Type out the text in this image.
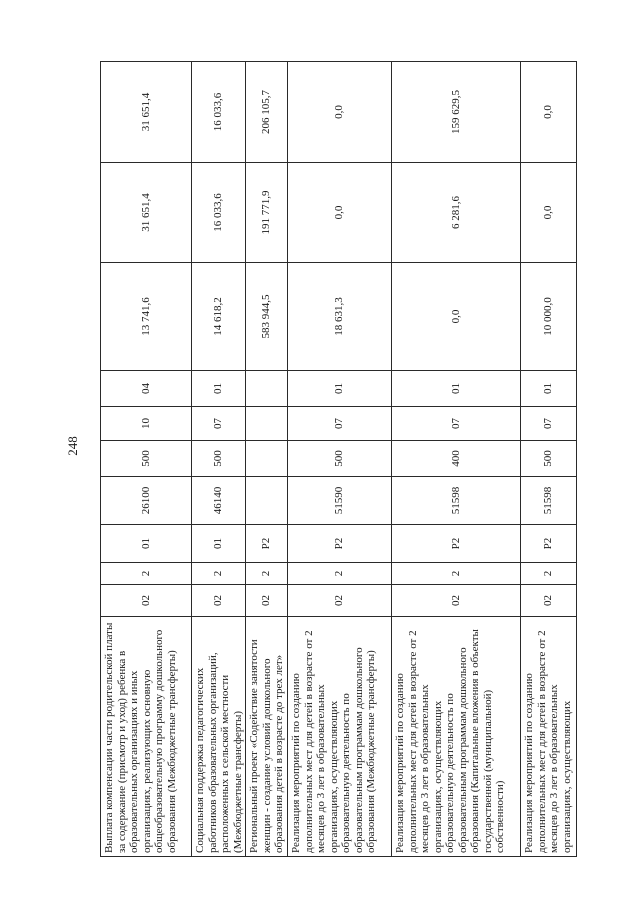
248
Выплата компенсации части родительской платы за содержание (присмотр и уход) ребенка в образовательных организациях и иных организациях, реализующих основную общеобразовательную программу дошкольного образования (Межбюджетные трансферты)	02	2	01	26100	500	10	04	13 741,6	31 651,4	31 651,4
Социальная поддержка педагогических работников образовательных организаций, расположенных в сельской местности (Межбюджетные трансферты)	02	2	01	46140	500	07	01	14 618,2	16 033,6	16 033,6
Региональный проект «Содействие занятости женщин - создание условий дошкольного образования детей в возрасте до трех лет»	02	2	P2					583 944,5	191 771,9	206 105,7
Реализация мероприятий по созданию дополнительных мест для детей в возрасте от 2 месяцев до 3 лет в образовательных организациях, осуществляющих образовательную деятельность по образовательным программам дошкольного образования (Межбюджетные трансферты)	02	2	P2	51590	500	07	01	18 631,3	0,0	0,0
Реализация мероприятий по созданию дополнительных мест для детей в возрасте от 2 месяцев до 3 лет в образовательных организациях, осуществляющих образовательную деятельность по образовательным программам дошкольного образования (Капитальные вложения в объекты государственной (муниципальной) собственности)	02	2	P2	51598	400	07	01	0,0	6 281,6	159 629,5
Реализация мероприятий по созданию дополнительных мест для детей в возрасте от 2 месяцев до 3 лет в образовательных организациях, осуществляющих	02	2	P2	51598	500	07	01	10 000,0	0,0	0,0
